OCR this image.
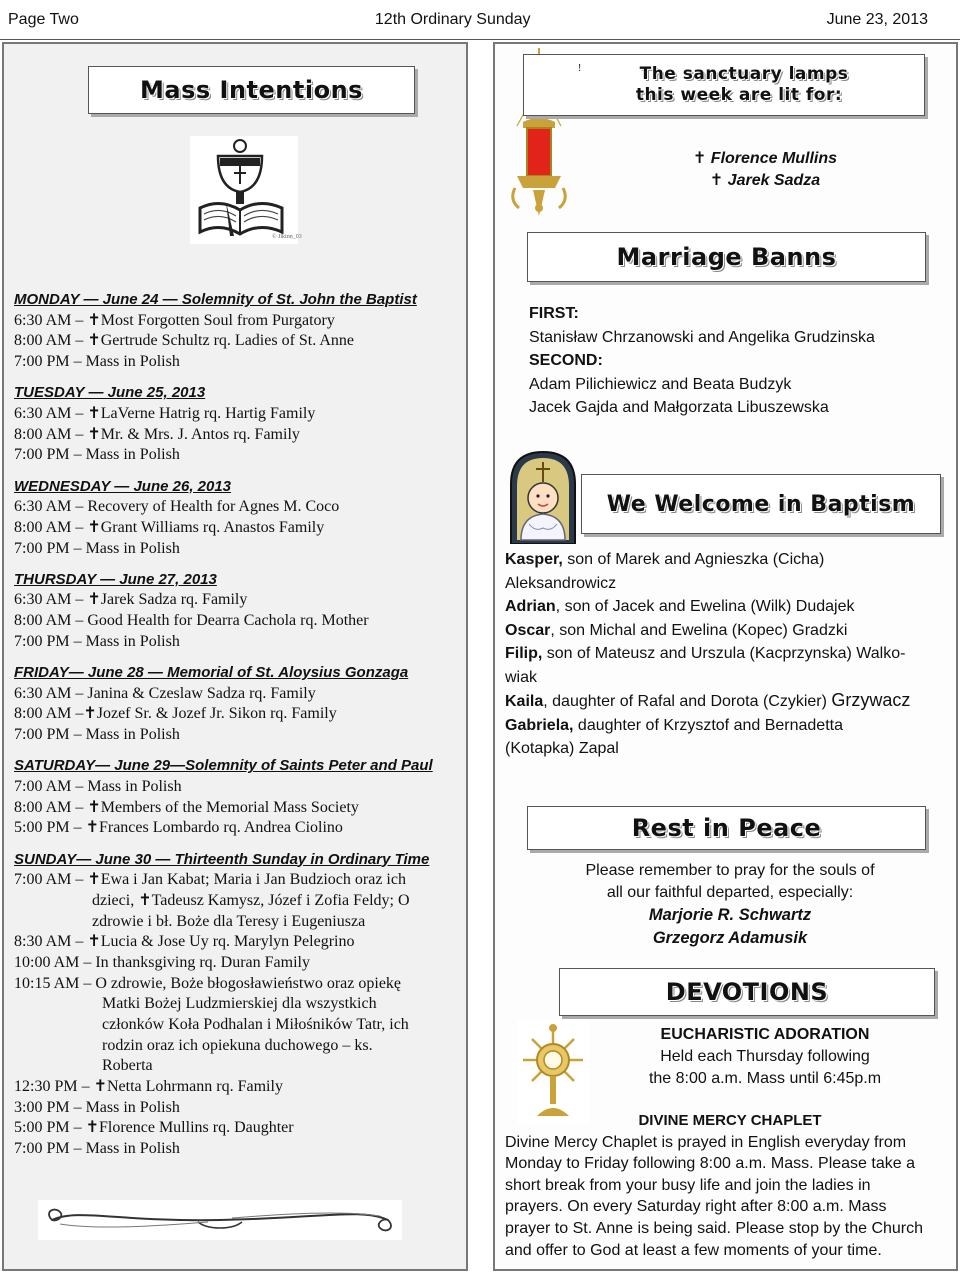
Page Two	12th Ordinary Sunday	June 23, 2013
Mass Intentions
© Jlkinn_03
MONDAY — June 24 — Solemnity of St. John the Baptist
6:30 AM – ✝Most Forgotten Soul from Purgatory
8:00 AM – ✝Gertrude Schultz rq. Ladies of St. Anne
7:00 PM – Mass in Polish
TUESDAY — June 25, 2013
6:30 AM – ✝LaVerne Hatrig rq. Hartig Family
8:00 AM – ✝Mr. & Mrs. J. Antos rq. Family
7:00 PM – Mass in Polish
WEDNESDAY — June 26, 2013
6:30 AM – Recovery of Health for Agnes M. Coco
8:00 AM – ✝Grant Williams rq. Anastos Family
7:00 PM – Mass in Polish
THURSDAY — June 27, 2013
6:30 AM – ✝Jarek Sadza rq. Family
8:00 AM – Good Health for Dearra Cachola rq. Mother
7:00 PM – Mass in Polish
FRIDAY— June 28 — Memorial of St. Aloysius Gonzaga
6:30 AM – Janina & Czeslaw Sadza rq. Family
8:00 AM –✝Jozef Sr. & Jozef Jr. Sikon rq. Family
7:00 PM – Mass in Polish
SATURDAY— June 29—Solemnity of Saints Peter and Paul
7:00 AM – Mass in Polish
8:00 AM – ✝Members of the Memorial Mass Society
5:00 PM – ✝Frances Lombardo rq. Andrea Ciolino
SUNDAY— June 30 — Thirteenth Sunday in Ordinary Time
7:00 AM – ✝Ewa i Jan Kabat; Maria i Jan Budzioch oraz ich
dzieci, ✝Tadeusz Kamysz, Józef i Zofia Feldy; O
zdrowie i bł. Boże dla Teresy i Eugeniusza
8:30 AM – ✝Lucia & Jose Uy rq. Marylyn Pelegrino
10:00 AM – In thanksgiving rq. Duran Family
10:15 AM – O zdrowie, Boże błogosławieństwo oraz opiekę
Matki Bożej Ludzmierskiej dla wszystkich
członków Koła Podhalan i Miłośników Tatr, ich
rodzin oraz ich opiekuna duchowego – ks.
Roberta
12:30 PM – ✝Netta Lohrmann rq. Family
3:00 PM – Mass in Polish
5:00 PM – ✝Florence Mullins rq. Daughter
7:00 PM – Mass in Polish
!	The sanctuary lamps
this week are lit for:
✝ Florence Mullins
✝ Jarek Sadza
Marriage Banns
FIRST:
Stanisław Chrzanowski and Angelika Grudzinska
SECOND:
Adam Pilichiewicz and Beata Budzyk
Jacek Gajda and Małgorzata Libuszewska
We Welcome in Baptism
Kasper, son of Marek and Agnieszka (Cicha)
Aleksandrowicz
Adrian, son of Jacek and Ewelina (Wilk) Dudajek
Oscar, son Michal and Ewelina (Kopec) Gradzki
Filip, son of Mateusz and Urszula (Kacprzynska) Walko-
wiak
Kaila, daughter of Rafal and Dorota (Czykier) Grzywacz
Gabriela, daughter of Krzysztof and Bernadetta
(Kotapka) Zapal
Rest in Peace
Please remember to pray for the souls of
all our faithful departed, especially:
Marjorie R. Schwartz
Grzegorz Adamusik
DEVOTIONS
EUCHARISTIC ADORATION
Held each Thursday following
the 8:00 a.m. Mass until 6:45p.m
DIVINE MERCY CHAPLET
Divine Mercy Chaplet is prayed in English everyday from
Monday to Friday following 8:00 a.m. Mass. Please take a
short break from your busy life and join the ladies in
prayers. On every Saturday right after 8:00 a.m. Mass
prayer to St. Anne is being said. Please stop by the Church
and offer to God at least a few moments of your time.
